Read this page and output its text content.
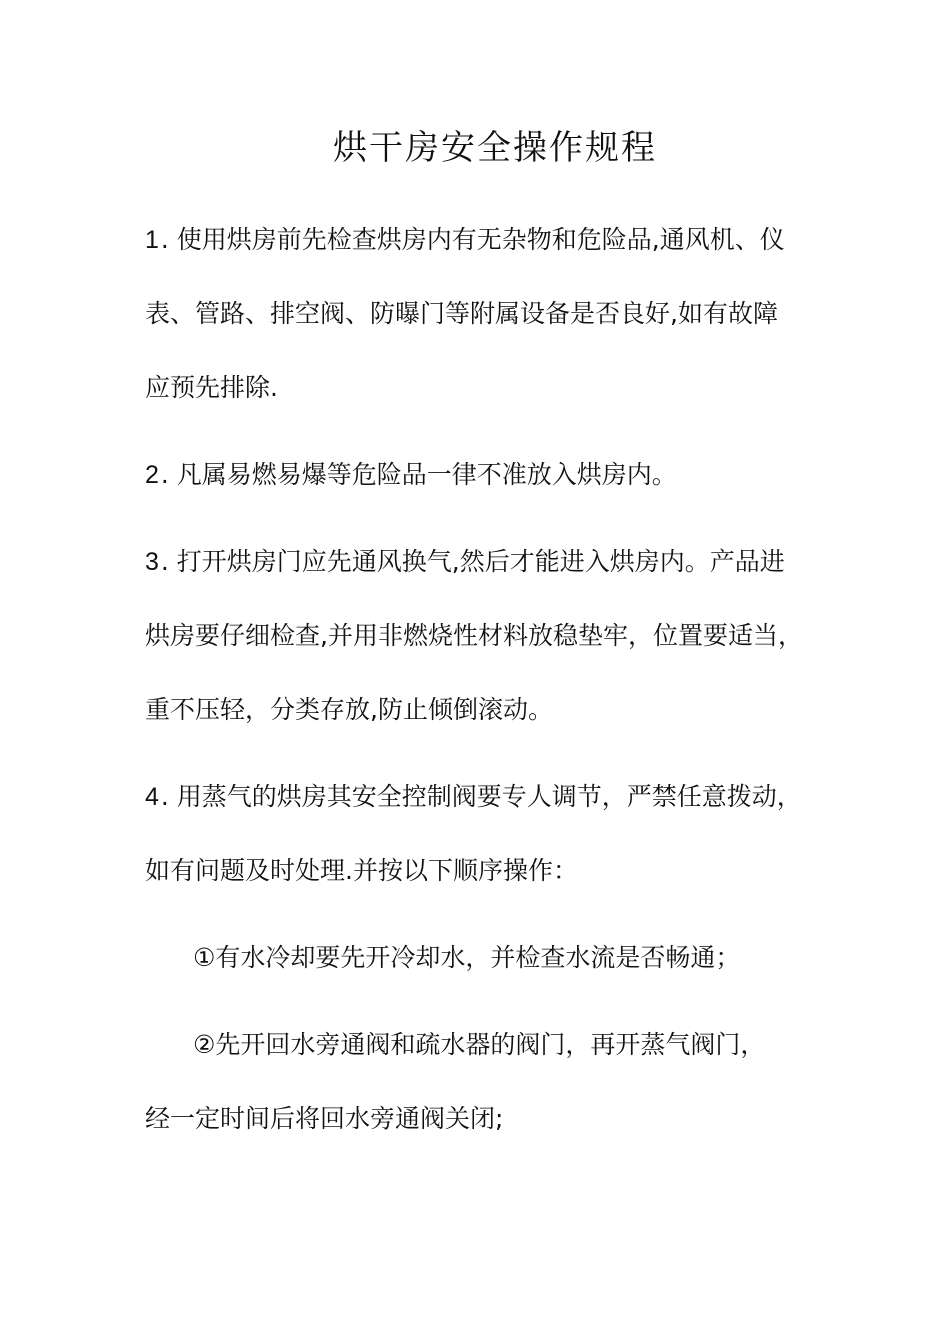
烘干房安全操作规程
1. 使用烘房前先检查烘房内有无杂物和危险品,通风机、仪
表、管路、排空阀、防曝门等附属设备是否良好,如有故障
应预先排除.
2. 凡属易燃易爆等危险品一律不准放入烘房内。
3. 打开烘房门应先通风换气,然后才能进入烘房内。产品进
烘房要仔细检查,并用非燃烧性材料放稳垫牢，位置要适当，
重不压轻，分类存放,防止倾倒滚动。
4. 用蒸气的烘房其安全控制阀要专人调节，严禁任意拨动，
如有问题及时处理.并按以下顺序操作：
①有水冷却要先开冷却水，并检查水流是否畅通；
②先开回水旁通阀和疏水器的阀门，再开蒸气阀门，
经一定时间后将回水旁通阀关闭;
